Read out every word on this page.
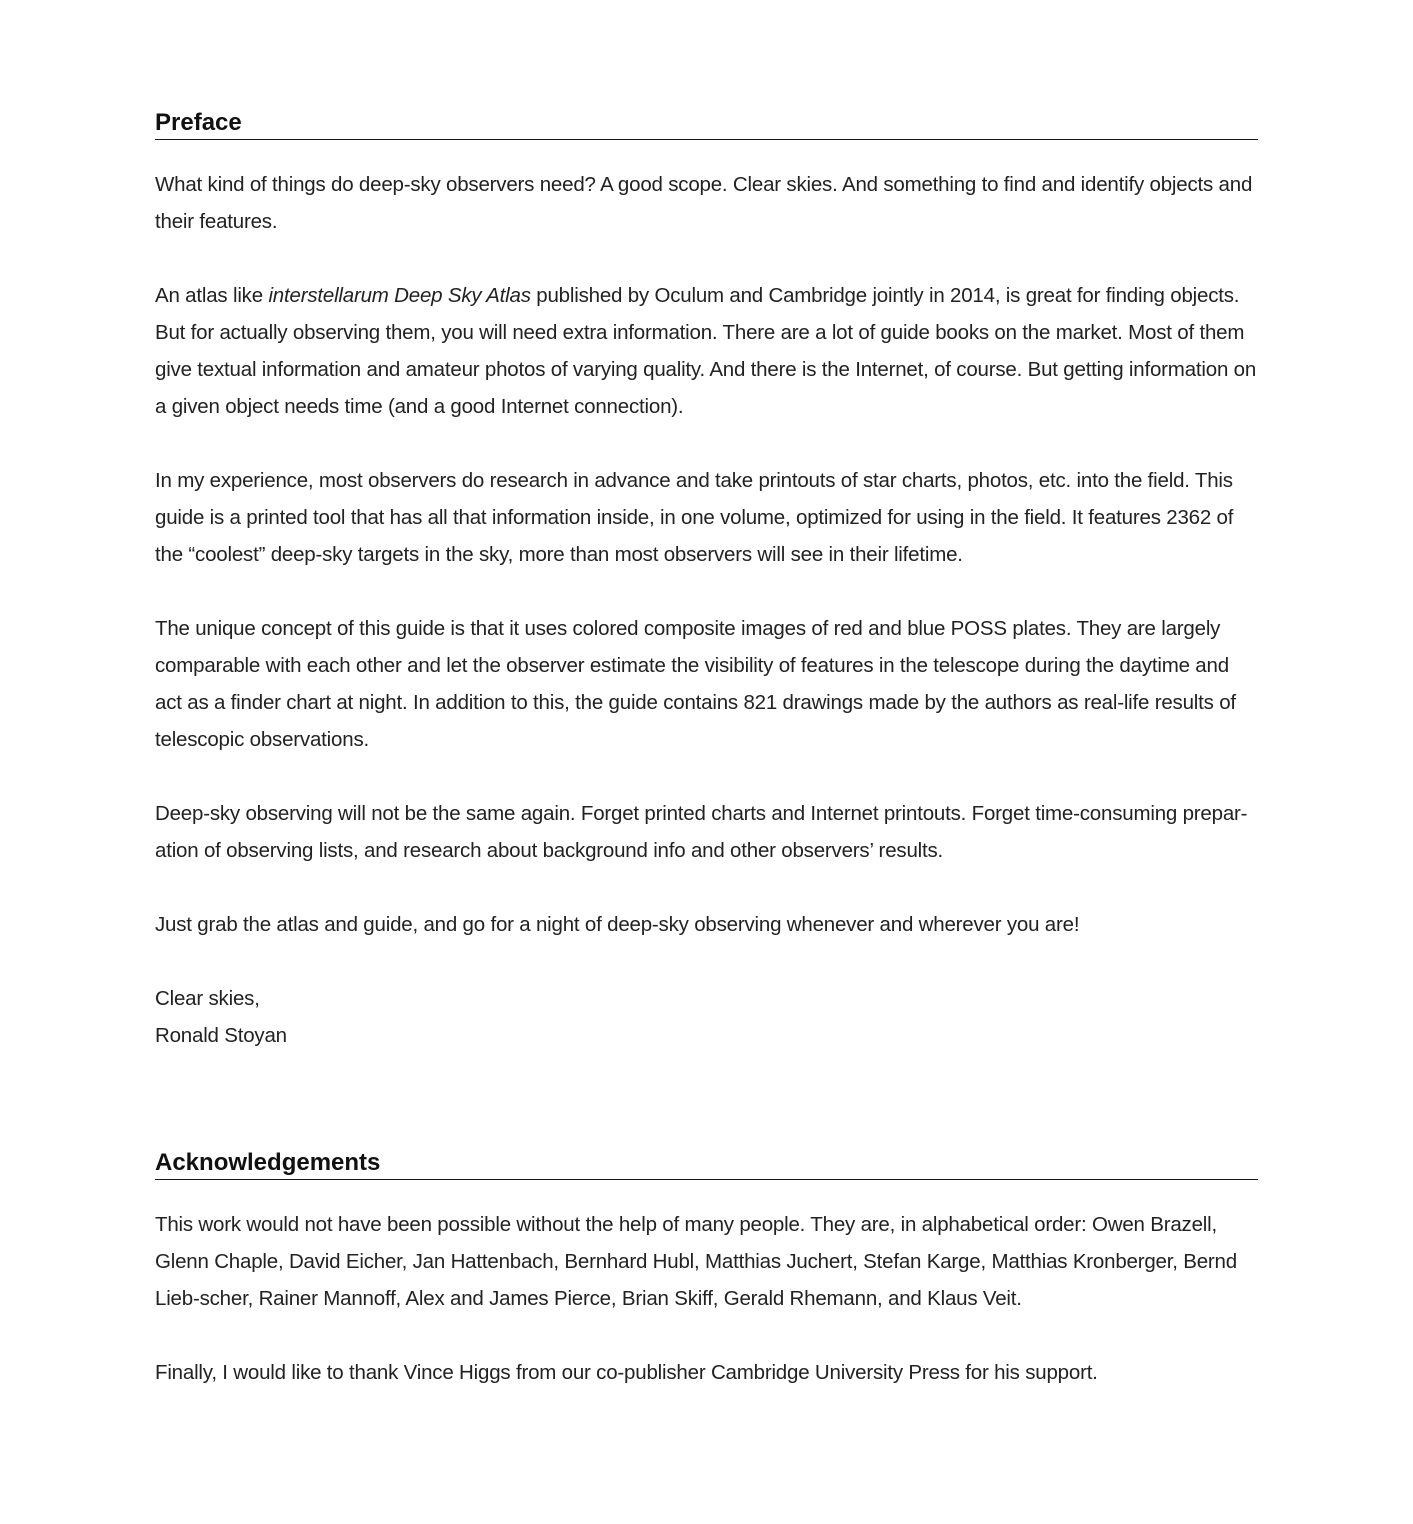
Preface

What kind of things do deep-sky observers need? A good scope. Clear skies. And something to find and identify objects and their features.

An atlas like interstellarum Deep Sky Atlas published by Oculum and Cambridge jointly in 2014, is great for finding objects. But for actually observing them, you will need extra information. There are a lot of guide books on the market. Most of them give textual information and amateur photos of varying quality. And there is the Internet, of course. But getting information on a given object needs time (and a good Internet connection).

In my experience, most observers do research in advance and take printouts of star charts, photos, etc. into the field. This guide is a printed tool that has all that information inside, in one volume, optimized for using in the field. It features 2362 of the “coolest” deep-sky targets in the sky, more than most observers will see in their lifetime.

The unique concept of this guide is that it uses colored composite images of red and blue POSS plates. They are largely comparable with each other and let the observer estimate the visibility of features in the telescope during the daytime and act as a finder chart at night. In addition to this, the guide contains 821 drawings made by the authors as real-life results of telescopic observations.

Deep-sky observing will not be the same again. Forget printed charts and Internet printouts. Forget time-consuming prepar-ation of observing lists, and research about background info and other observers’ results.

Just grab the atlas and guide, and go for a night of deep-sky observing whenever and wherever you are!

Clear skies,

Ronald Stoyan

Acknowledgements

This work would not have been possible without the help of many people. They are, in alphabetical order: Owen Brazell, Glenn Chaple, David Eicher, Jan Hattenbach, Bernhard Hubl, Matthias Juchert, Stefan Karge, Matthias Kronberger, Bernd Lieb-scher, Rainer Mannoff, Alex and James Pierce, Brian Skiff, Gerald Rhemann, and Klaus Veit.

Finally, I would like to thank Vince Higgs from our co-publisher Cambridge University Press for his support.
